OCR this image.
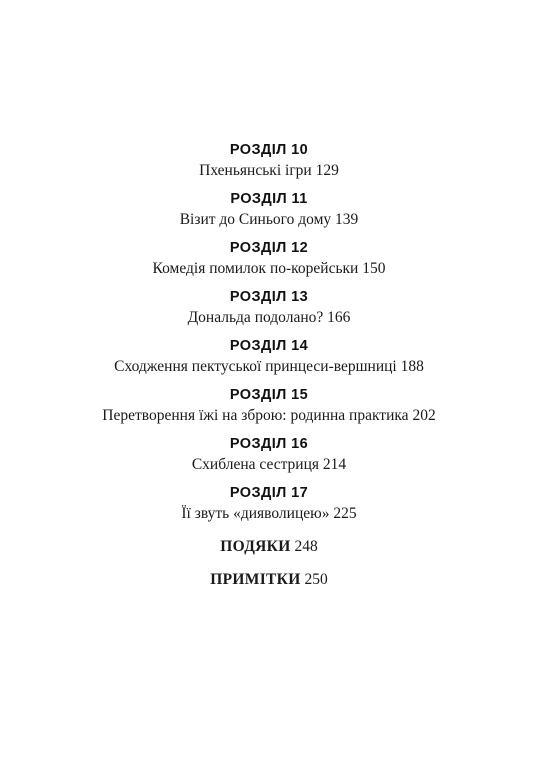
РОЗДІЛ 10
Пхеньянські ігри 129
РОЗДІЛ 11
Візит до Синього дому 139
РОЗДІЛ 12
Комедія помилок по-корейськи 150
РОЗДІЛ 13
Дональда подолано? 166
РОЗДІЛ 14
Сходження пектуської принцеси-вершниці 188
РОЗДІЛ 15
Перетворення їжі на зброю: родинна практика 202
РОЗДІЛ 16
Схиблена сестриця 214
РОЗДІЛ 17
Її звуть «дияволицею» 225
ПОДЯКИ 248
ПРИМІТКИ 250
